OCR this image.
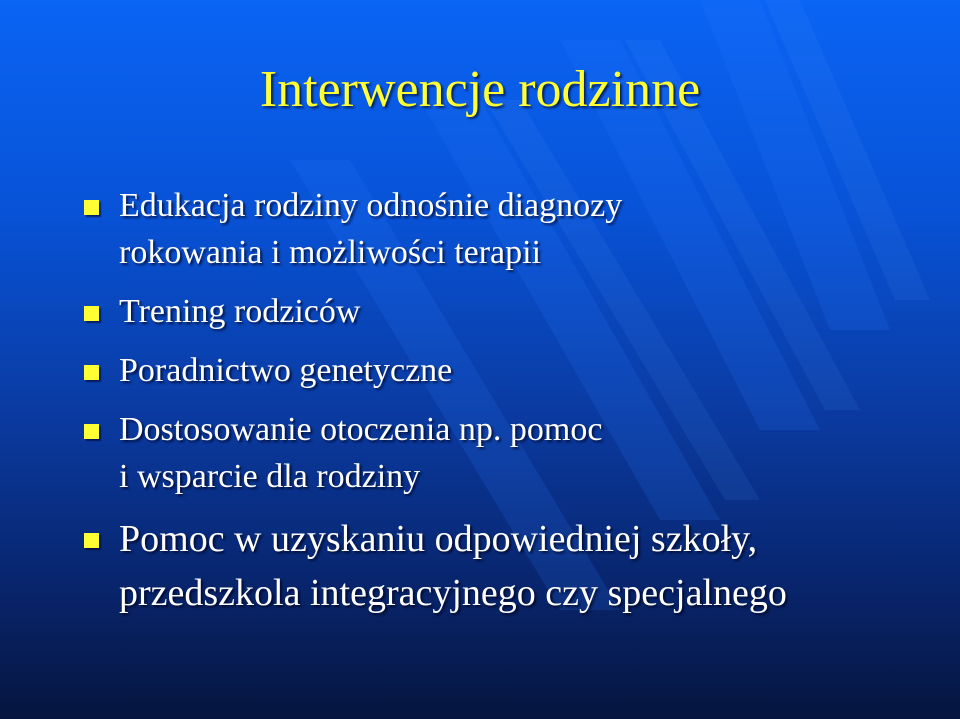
Interwencje rodzinne
Edukacja rodziny odnośnie diagnozy
rokowania i możliwości terapii
Trening rodziców
Poradnictwo genetyczne
Dostosowanie otoczenia np. pomoc
i wsparcie dla rodziny
Pomoc w uzyskaniu odpowiedniej szkoły,
przedszkola integracyjnego czy specjalnego
